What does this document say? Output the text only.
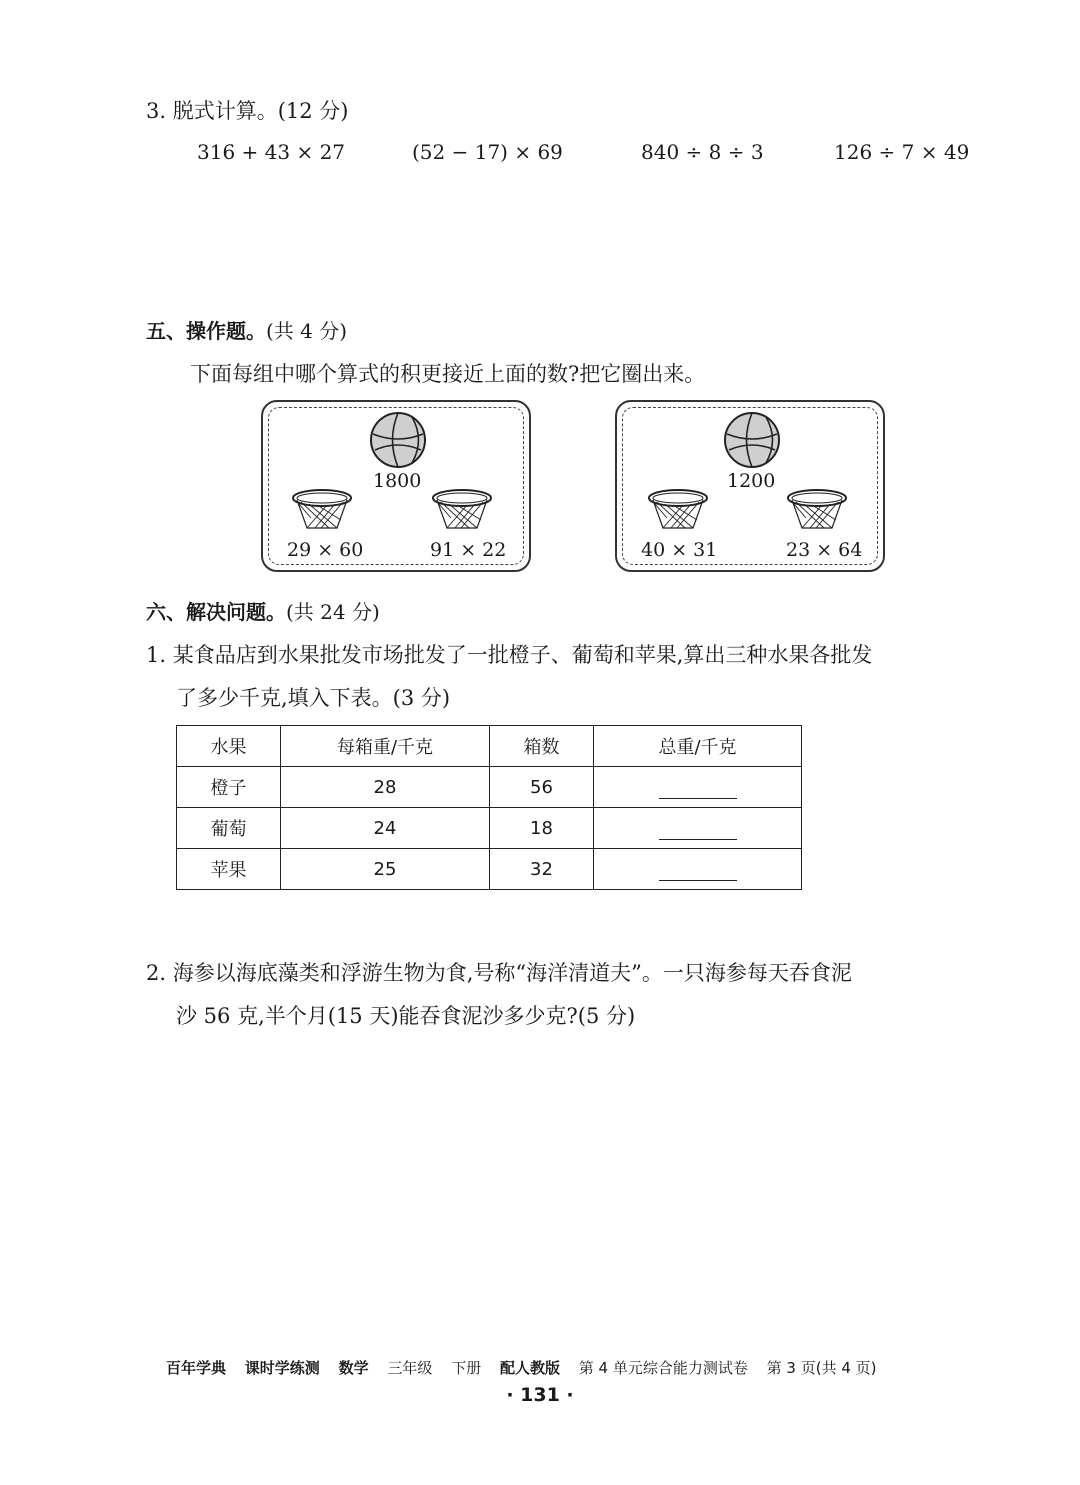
3. 脱式计算。(12 分)
316 + 43 × 27	(52 − 17) × 69	840 ÷ 8 ÷ 3	126 ÷ 7 × 49
五、操作题。(共 4 分)
下面每组中哪个算式的积更接近上面的数?把它圈出来。
1800
29 × 60	91 × 22
1200
40 × 31	23 × 64
六、解决问题。(共 24 分)
1. 某食品店到水果批发市场批发了一批橙子、葡萄和苹果,算出三种水果各批发
了多少千克,填入下表。(3 分)
水果	每箱重/千克	箱数	总重/千克
橙子	28	56	
葡萄	24	18	
苹果	25	32	
2. 海参以海底藻类和浮游生物为食,号称“海洋清道夫”。一只海参每天吞食泥
沙 56 克,半个月(15 天)能吞食泥沙多少克?(5 分)
百年学典 课时学练测 数学 三年级 下册 配人教版 第 4 单元综合能力测试卷 第 3 页(共 4 页)
· 131 ·
